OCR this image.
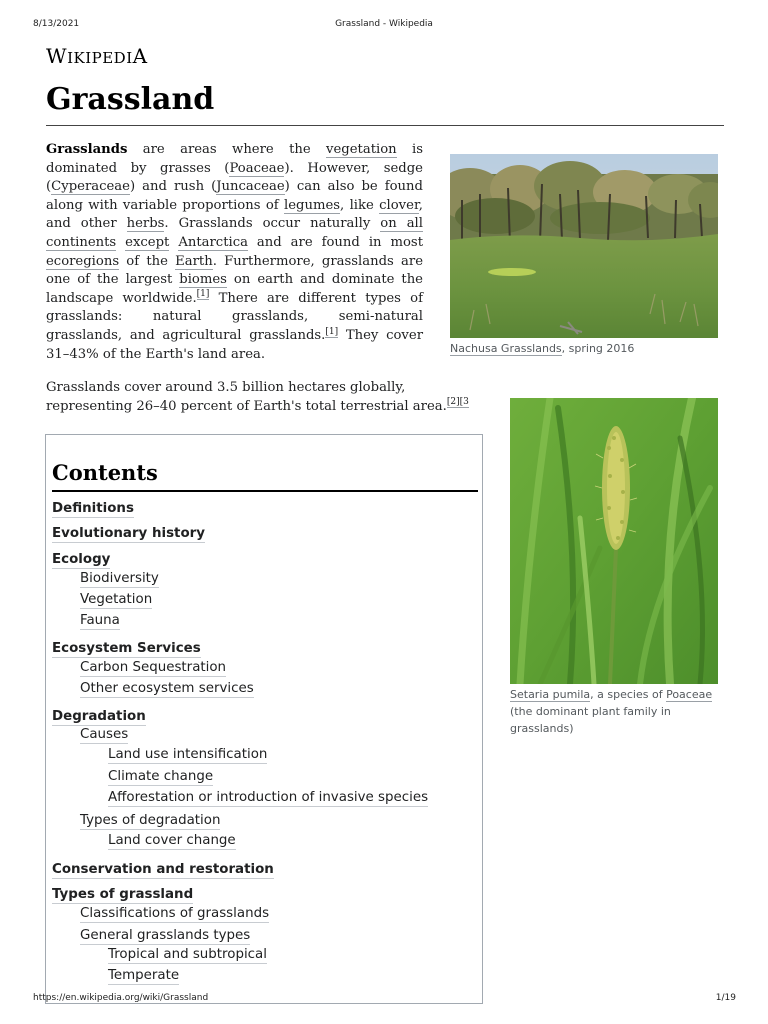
8/13/2021	Grassland - Wikipedia
WIKIPEDIA
Grassland

Grasslands are areas where the vegetation is dominated by grasses (Poaceae). However, sedge (Cyperaceae) and rush (Juncaceae) can also be found along with variable proportions of legumes, like clover, and other herbs. Grasslands occur naturally on all continents except Antarctica and are found in most ecoregions of the Earth. Furthermore, grasslands are one of the largest biomes on earth and dominate the landscape worldwide.[1] There are different types of grasslands: natural grasslands, semi-natural grasslands, and agricultural grasslands.[1] They cover 31–43% of the Earth's land area.

Grasslands cover around 3.5 billion hectares globally, representing 26–40 percent of Earth's total terrestrial area.$^{[2][3}$

Nachusa Grasslands, spring 2016
Setaria pumila, a species of Poaceae (the dominant plant family in grasslands)
Contents
Definitions
Evolutionary history
Ecology
Biodiversity
Vegetation
Fauna
Ecosystem Services
Carbon Sequestration
Other ecosystem services
Degradation
Causes
Land use intensification
Climate change
Afforestation or introduction of invasive species
Types of degradation
Land cover change
Conservation and restoration
Types of grassland
Classifications of grasslands
General grasslands types
Tropical and subtropical
Temperate
https://en.wikipedia.org/wiki/Grassland	1/19
